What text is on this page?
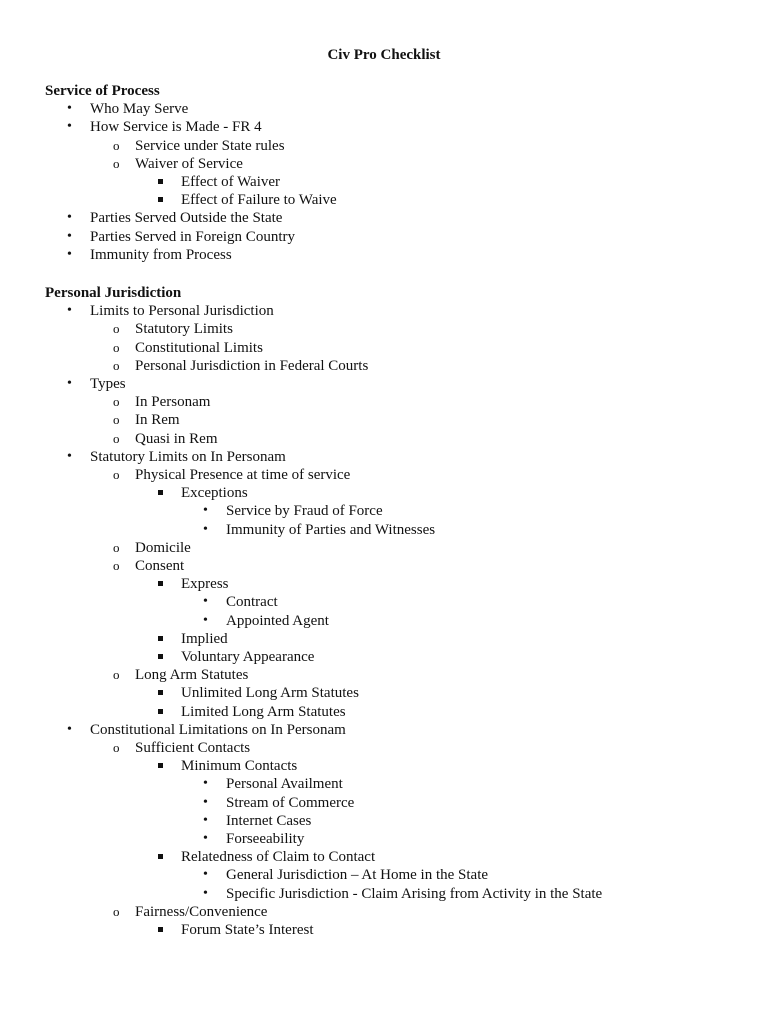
Civ Pro Checklist
Service of Process
• Who May Serve
• How Service is Made - FR 4
o Service under State rules
o Waiver of Service
Effect of Waiver
Effect of Failure to Waive
• Parties Served Outside the State
• Parties Served in Foreign Country
• Immunity from Process
Personal Jurisdiction
• Limits to Personal Jurisdiction
o Statutory Limits
o Constitutional Limits
o Personal Jurisdiction in Federal Courts
• Types
o In Personam
o In Rem
o Quasi in Rem
• Statutory Limits on In Personam
o Physical Presence at time of service
Exceptions
• Service by Fraud of Force
• Immunity of Parties and Witnesses
o Domicile
o Consent
Express
• Contract
• Appointed Agent
Implied
Voluntary Appearance
o Long Arm Statutes
Unlimited Long Arm Statutes
Limited Long Arm Statutes
• Constitutional Limitations on In Personam
o Sufficient Contacts
Minimum Contacts
• Personal Availment
• Stream of Commerce
• Internet Cases
• Forseeability
Relatedness of Claim to Contact
• General Jurisdiction – At Home in the State
• Specific Jurisdiction - Claim Arising from Activity in the State
o Fairness/Convenience
Forum State’s Interest
